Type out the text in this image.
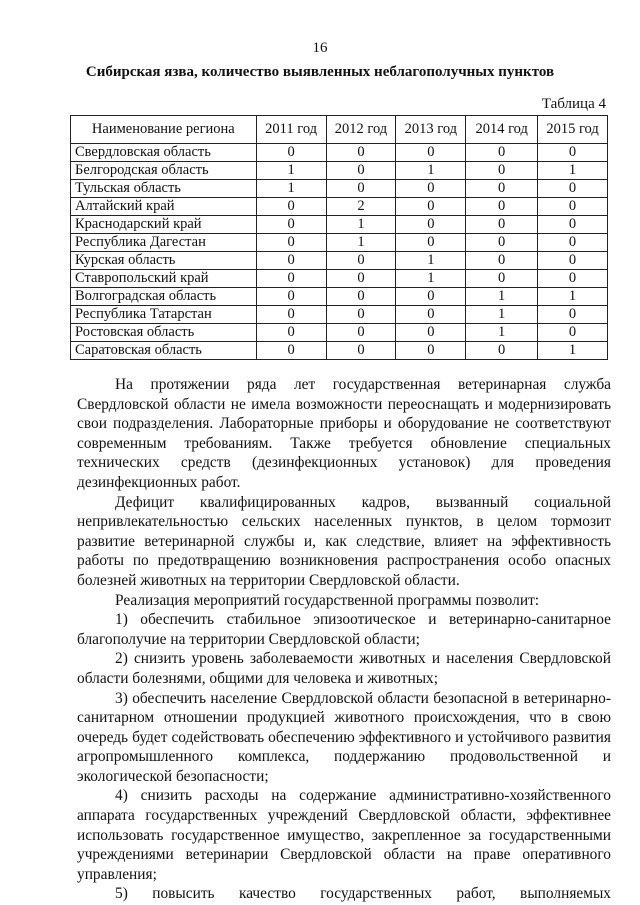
16
Сибирская язва, количество выявленных неблагополучных пунктов
Таблица 4
Наименование региона	2011 год	2012 год	2013 год	2014 год	2015 год
Свердловская область	0	0	0	0	0
Белгородская область	1	0	1	0	1
Тульская область	1	0	0	0	0
Алтайский край	0	2	0	0	0
Краснодарский край	0	1	0	0	0
Республика Дагестан	0	1	0	0	0
Курская область	0	0	1	0	0
Ставропольский край	0	0	1	0	0
Волгоградская область	0	0	0	1	1
Республика Татарстан	0	0	0	1	0
Ростовская область	0	0	0	1	0
Саратовская область	0	0	0	0	1

На протяжении ряда лет государственная ветеринарная служба Свердловской области не имела возможности переоснащать и модернизировать свои подразделения. Лабораторные приборы и оборудование не соответствуют современным требованиям. Также требуется обновление специальных технических средств (дезинфекционных установок) для проведения дезинфекционных работ.

Дефицит квалифицированных кадров, вызванный социальной непривлекательностью сельских населенных пунктов, в целом тормозит развитие ветеринарной службы и, как следствие, влияет на эффективность работы по предотвращению возникновения распространения особо опасных болезней животных на территории Свердловской области.

Реализация мероприятий государственной программы позволит:

1) обеспечить стабильное эпизоотическое и ветеринарно-санитарное благополучие на территории Свердловской области;

2) снизить уровень заболеваемости животных и населения Свердловской области болезнями, общими для человека и животных;

3) обеспечить население Свердловской области безопасной в ветеринарно-санитарном отношении продукцией животного происхождения, что в свою очередь будет содействовать обеспечению эффективного и устойчивого развития агропромышленного комплекса, поддержанию продовольственной и экологической безопасности;

4) снизить расходы на содержание административно-хозяйственного аппарата государственных учреждений Свердловской области, эффективнее использовать государственное имущество, закрепленное за государственными учреждениями ветеринарии Свердловской области на праве оперативного управления;

5) повысить качество государственных работ, выполняемых
